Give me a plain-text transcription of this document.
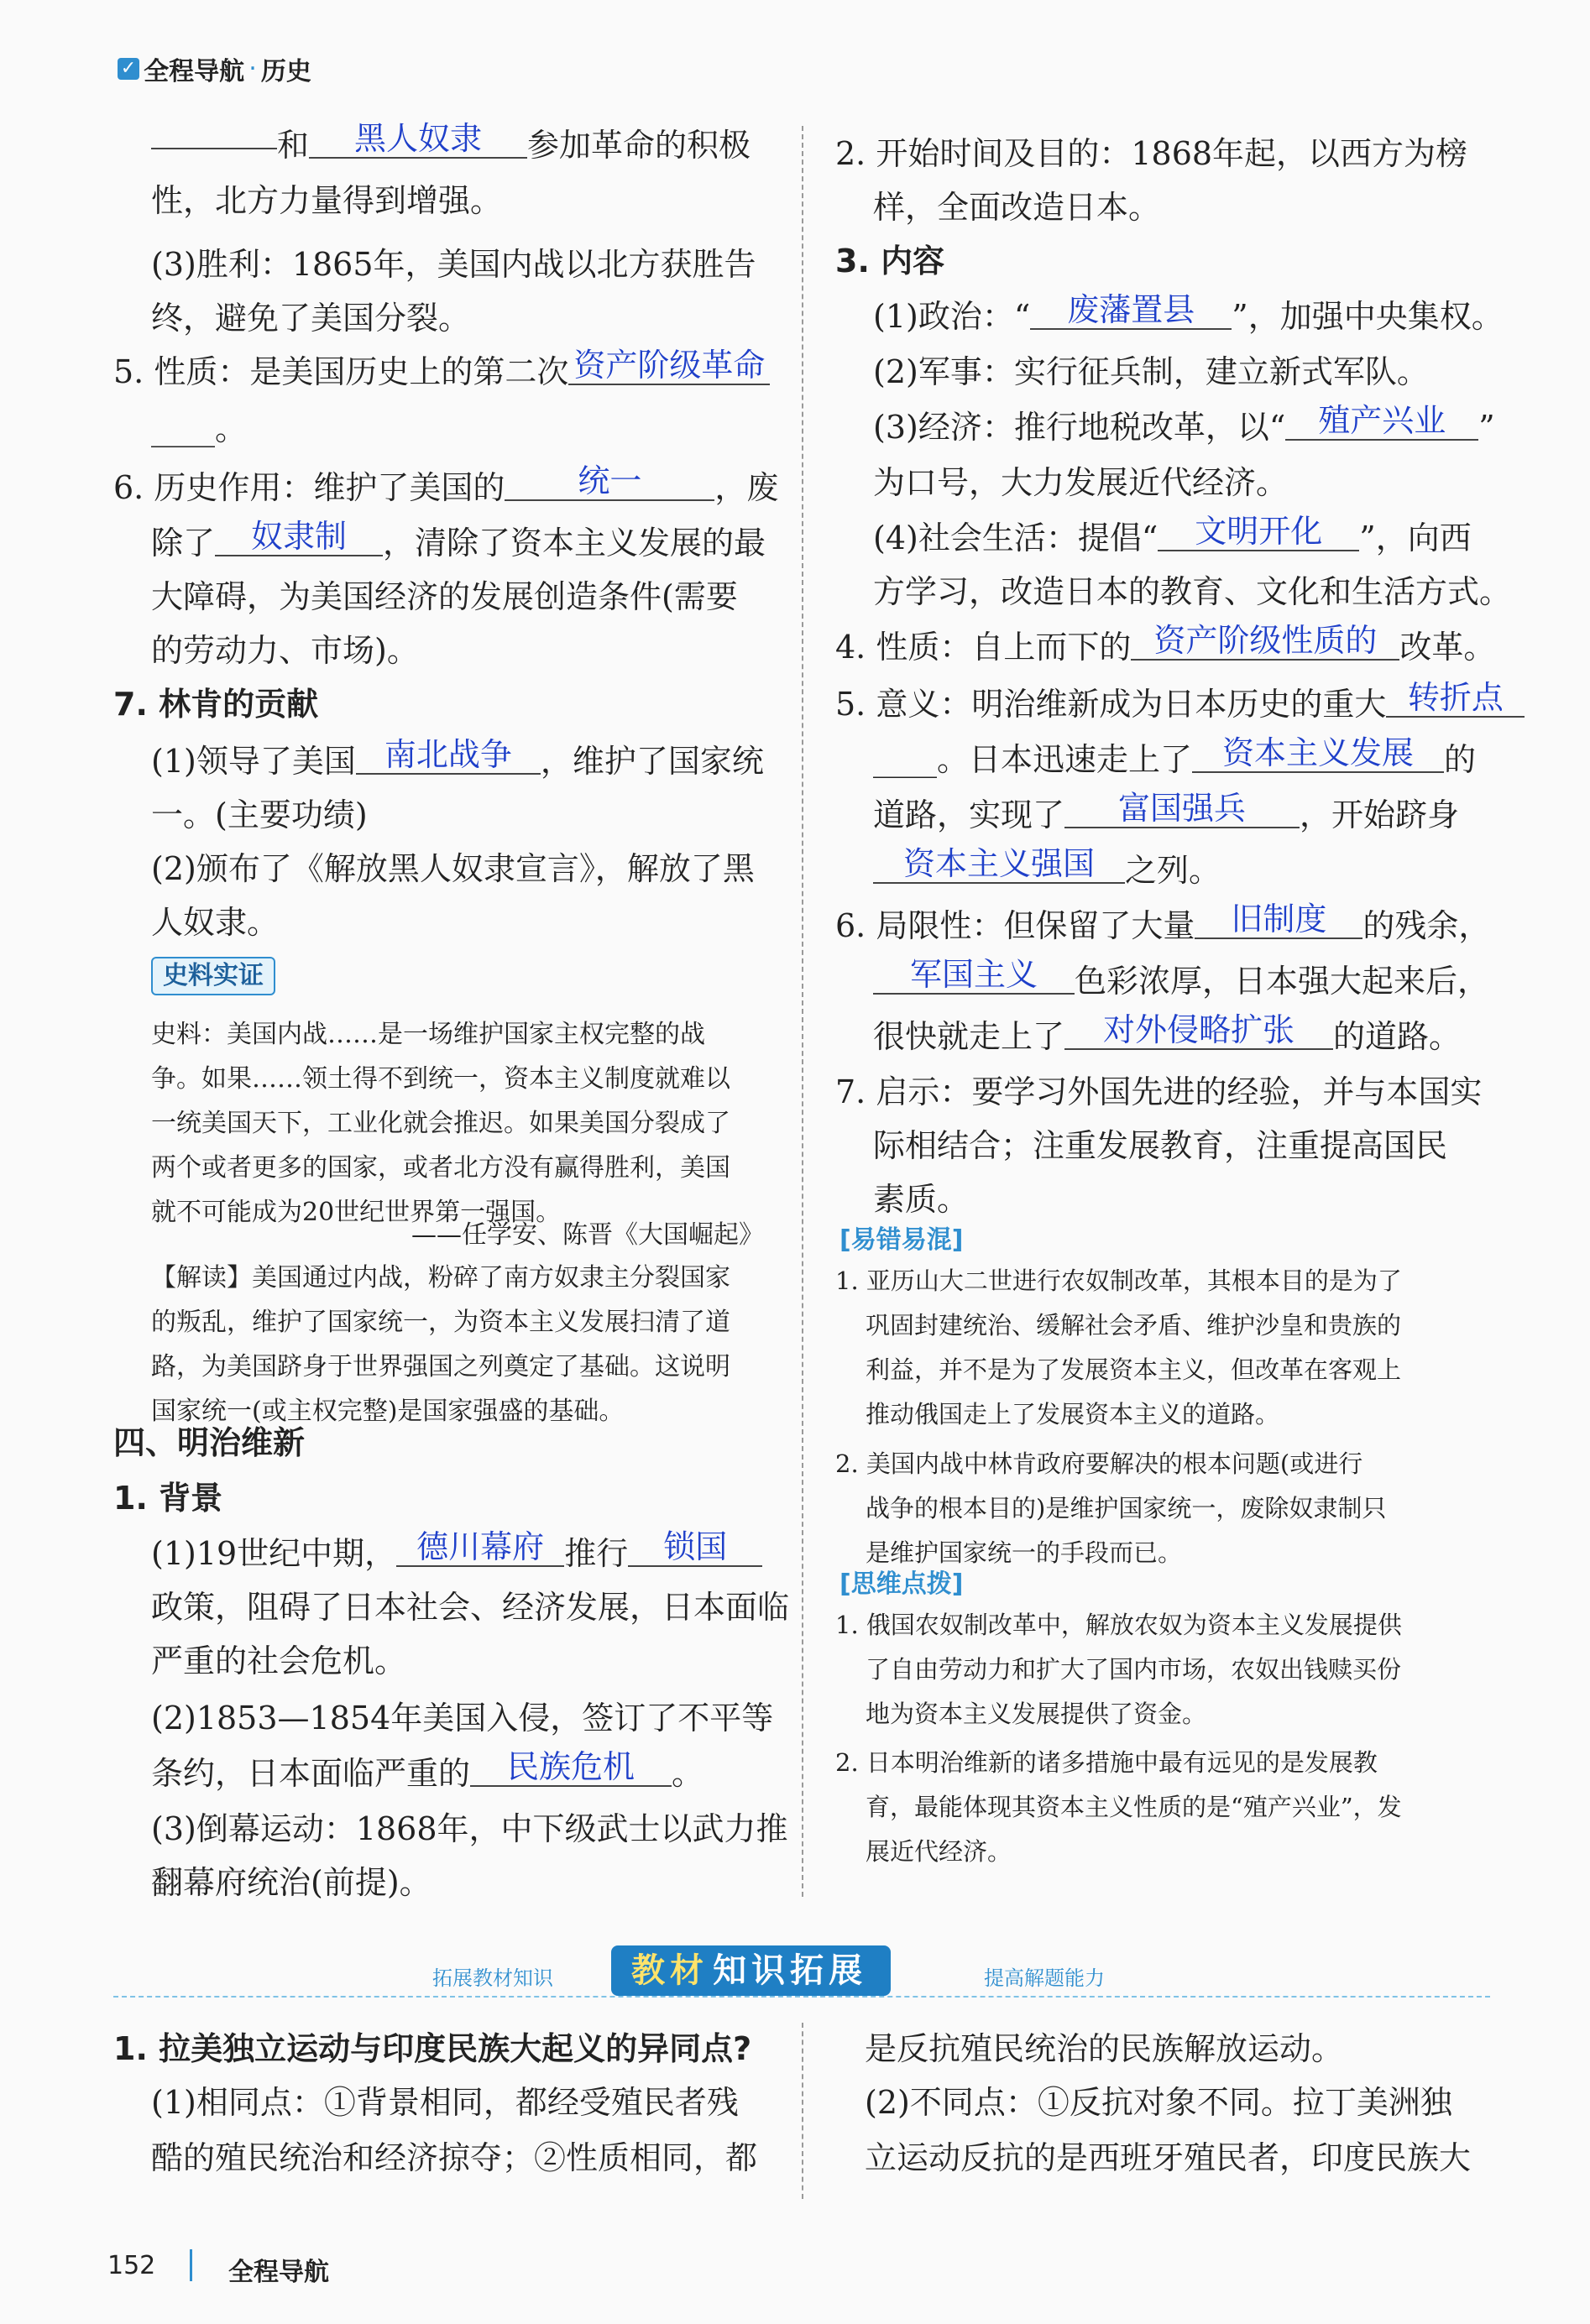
✓ 全程导航 · 历史
和 黑人奴隶 参加革命的积极
性，北方力量得到增强。
(3)胜利：1865年，美国内战以北方获胜告
终，避免了美国分裂。
5. 性质：是美国历史上的第二次 资产阶级革命
____。
6. 历史作用：维护了美国的 统一 ，废
除了 奴隶制 ，清除了资本主义发展的最
大障碍，为美国经济的发展创造条件(需要
的劳动力、市场)。
7. 林肯的贡献
(1)领导了美国 南北战争 ，维护了国家统
一。(主要功绩)
(2)颁布了《解放黑人奴隶宣言》，解放了黑
人奴隶。
史料实证
史料：美国内战……是一场维护国家主权完整的战
争。如果……领土得不到统一，资本主义制度就难以
一统美国天下，工业化就会推迟。如果美国分裂成了
两个或者更多的国家，或者北方没有赢得胜利，美国
就不可能成为20世纪世界第一强国。
——任学安、陈晋《大国崛起》
【解读】美国通过内战，粉碎了南方奴隶主分裂国家
的叛乱，维护了国家统一，为资本主义发展扫清了道
路，为美国跻身于世界强国之列奠定了基础。这说明
国家统一(或主权完整)是国家强盛的基础。
四、明治维新
1. 背景
(1)19世纪中期， 德川幕府 推行 锁国
政策，阻碍了日本社会、经济发展，日本面临
严重的社会危机。
(2)1853—1854年美国入侵，签订了不平等
条约，日本面临严重的 民族危机 。
(3)倒幕运动：1868年，中下级武士以武力推
翻幕府统治(前提)。
2. 开始时间及目的：1868年起，以西方为榜
样，全面改造日本。
3. 内容
(1)政治：“ 废藩置县 ”，加强中央集权。
(2)军事：实行征兵制，建立新式军队。
(3)经济：推行地税改革，以“ 殖产兴业 ”
为口号，大力发展近代经济。
(4)社会生活：提倡“ 文明开化 ”，向西
方学习，改造日本的教育、文化和生活方式。
4. 性质：自上而下的 资产阶级性质的 改革。
5. 意义：明治维新成为日本历史的重大 转折点
____。日本迅速走上了 资本主义发展 的
道路，实现了 富国强兵 ，开始跻身
资本主义强国 之列。
6. 局限性：但保留了大量 旧制度 的残余，
军国主义 色彩浓厚，日本强大起来后，
很快就走上了 对外侵略扩张 的道路。
7. 启示：要学习外国先进的经验，并与本国实
际相结合；注重发展教育，注重提高国民
素质。
[易错易混]
1. 亚历山大二世进行农奴制改革，其根本目的是为了
巩固封建统治、缓解社会矛盾、维护沙皇和贵族的
利益，并不是为了发展资本主义，但改革在客观上
推动俄国走上了发展资本主义的道路。
2. 美国内战中林肯政府要解决的根本问题(或进行
战争的根本目的)是维护国家统一，废除奴隶制只
是维护国家统一的手段而已。
[思维点拨]
1. 俄国农奴制改革中，解放农奴为资本主义发展提供
了自由劳动力和扩大了国内市场，农奴出钱赎买份
地为资本主义发展提供了资金。
2. 日本明治维新的诸多措施中最有远见的是发展教
育，最能体现其资本主义性质的是“殖产兴业”，发
展近代经济。
拓展教材知识	教材 知识拓展	提高解题能力
1. 拉美独立运动与印度民族大起义的异同点?
(1)相同点：①背景相同，都经受殖民者残
酷的殖民统治和经济掠夺；②性质相同，都
是反抗殖民统治的民族解放运动。
(2)不同点：①反抗对象不同。拉丁美洲独
立运动反抗的是西班牙殖民者，印度民族大
152	全程导航
